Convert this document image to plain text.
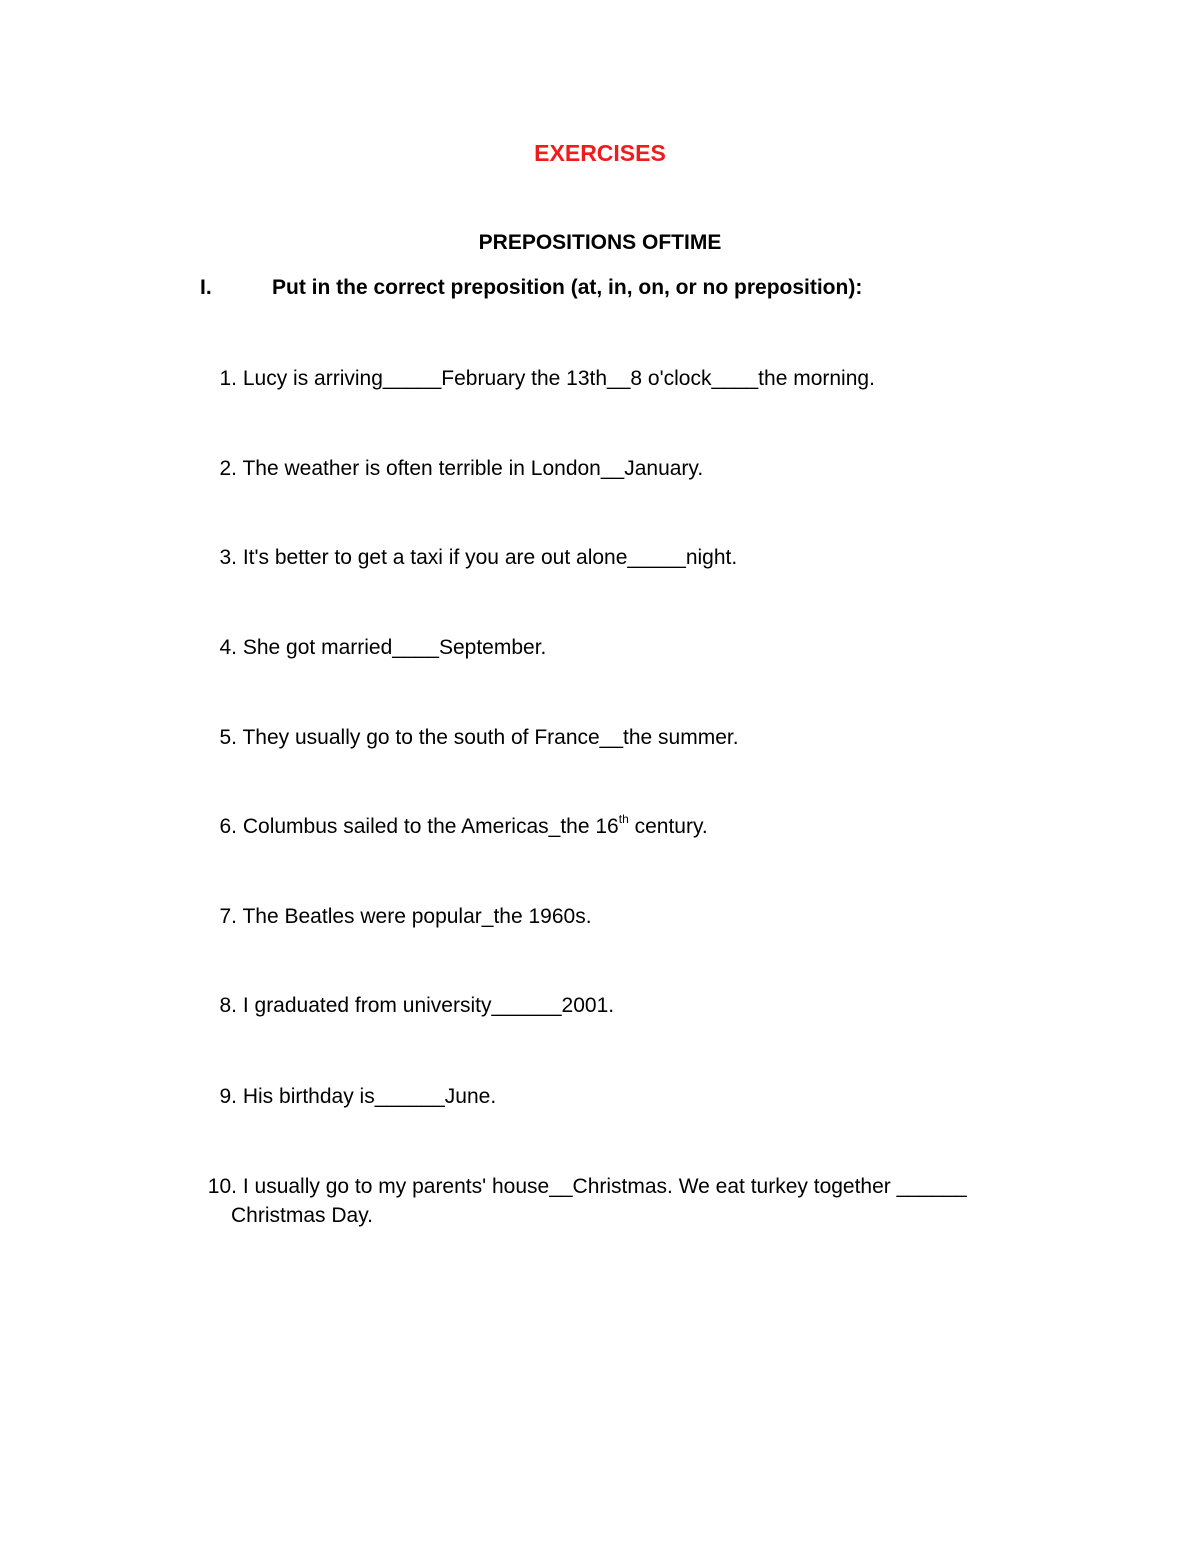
EXERCISES
PREPOSITIONS OFTIME
I.	Put in the correct preposition (at, in, on, or no preposition):
1. Lucy is arriving_____February the 13th__8 o'clock____the morning.
2. The weather is often terrible in London__January.
3. It's better to get a taxi if you are out alone_____night.
4. She got married____September.
5. They usually go to the south of France__the summer.
6. Columbus sailed to the Americas_the 16th century.
7. The Beatles were popular_the 1960s.
8. I graduated from university______2001.
9. His birthday is______June.
10. I usually go to my parents' house__Christmas. We eat turkey together ______
Christmas Day.
